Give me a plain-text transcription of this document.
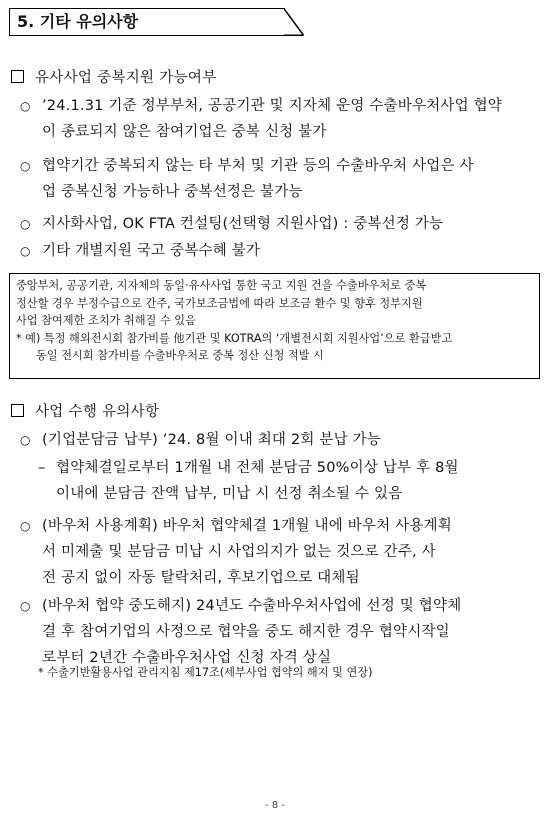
5. 기타 유의사항
유사사업 중복지원 가능여부
○ ’24.1.31 기준 정부부처, 공공기관 및 지자체 운영 수출바우처사업 협약
이 종료되지 않은 참여기업은 중복 신청 불가
○ 협약기간 중복되지 않는 타 부처 및 기관 등의 수출바우처 사업은 사
업 중복신청 가능하나 중복선정은 불가능
○ 지사화사업, OK FTA 컨설팅(선택형 지원사업) : 중복선정 가능
○ 기타 개별지원 국고 중복수혜 불가
중앙부처, 공공기관, 지자체의 동일·유사사업 통한 국고 지원 건을 수출바우처로 중복
정산할 경우 부정수급으로 간주, 국가보조금법에 따라 보조금 환수 및 향후 정부지원
사업 참여제한 조치가 취해질 수 있음
* 예) 특정 해외전시회 참가비를 他기관 및 KOTRA의 ‘개별전시회 지원사업’으로 환급받고
동일 전시회 참가비를 수출바우처로 중복 정산 신청 적발 시
사업 수행 유의사항
○ (기업분담금 납부) ’24. 8월 이내 최대 2회 분납 가능
– 협약체결일로부터 1개월 내 전체 분담금 50%이상 납부 후 8월
이내에 분담금 잔액 납부, 미납 시 선정 취소될 수 있음
○ (바우처 사용계획) 바우처 협약체결 1개월 내에 바우처 사용계획
서 미제출 및 분담금 미납 시 사업의지가 없는 것으로 간주, 사
전 공지 없이 자동 탈락처리, 후보기업으로 대체됨
○ (바우처 협약 중도해지) 24년도 수출바우처사업에 선정 및 협약체
결 후 참여기업의 사정으로 협약을 중도 해지한 경우 협약시작일
로부터 2년간 수출바우처사업 신청 자격 상실
* 수출기반활용사업 관리지침 제17조(세부사업 협약의 해지 및 연장)
- 8 -
